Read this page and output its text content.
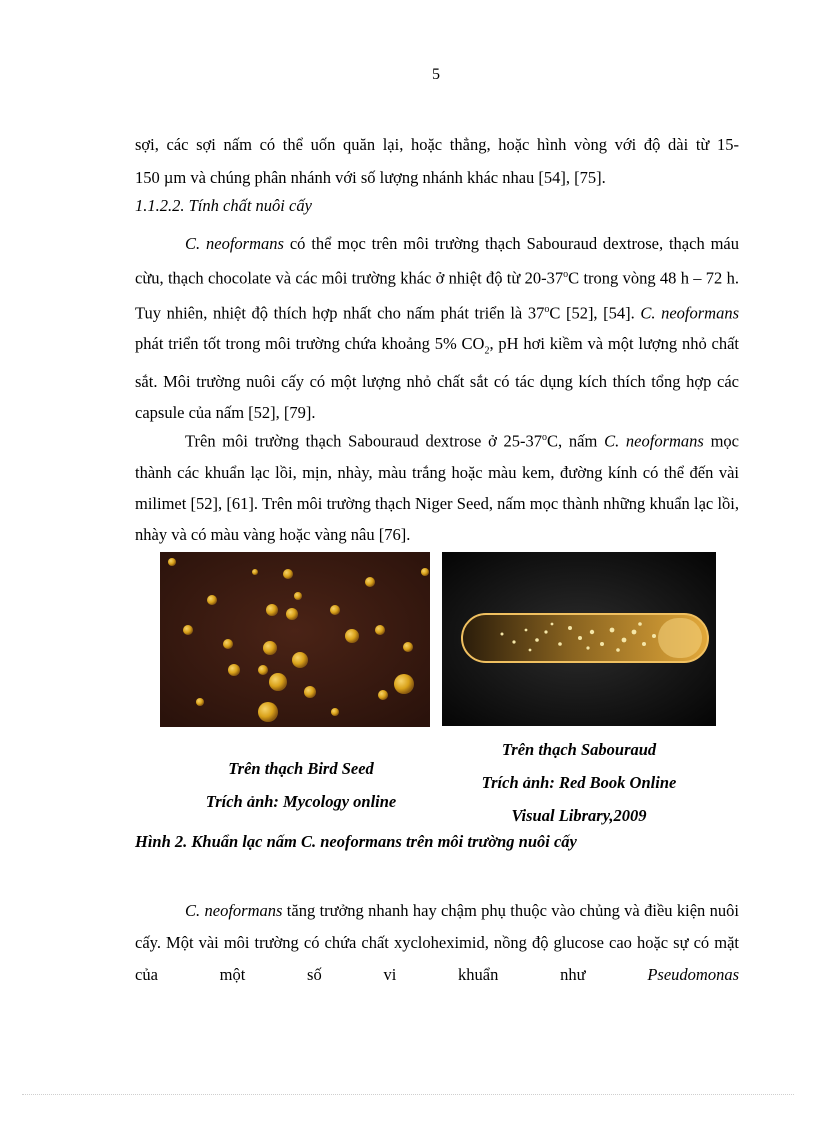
5

sợi, các sợi nấm có thể uốn quăn lại, hoặc thẳng, hoặc hình vòng với độ dài từ 15-
150 µm và chúng phân nhánh với số lượng nhánh khác nhau [54], [75].

1.1.2.2. Tính chất nuôi cấy

C. neoformans có thể mọc trên môi trường thạch Sabouraud dextrose, thạch máu cừu, thạch chocolate và các môi trường khác ở nhiệt độ từ 20-37$^o$C trong vòng 48 h – 72 h. Tuy nhiên, nhiệt độ thích hợp nhất cho nấm phát triển là 37$^o$C [52], [54]. C. neoformans phát triển tốt trong môi trường chứa khoảng 5% $CO_2$, pH hơi kiềm và một lượng nhỏ chất sắt. Môi trường nuôi cấy có một lượng nhỏ chất sắt có tác dụng kích thích tổng hợp các capsule của nấm [52], [79].

Trên môi trường thạch Sabouraud dextrose ở 25-37$^o$C, nấm C. neoformans mọc thành các khuẩn lạc lồi, mịn, nhày, màu trắng hoặc màu kem, đường kính có thể đến vài milimet [52], [61]. Trên môi trường thạch Niger Seed, nấm mọc thành những khuẩn lạc lồi, nhày và có màu vàng hoặc vàng nâu [76].

Trên thạch Bird Seed
Trích ảnh: Mycology online
Trên thạch Sabouraud
Trích ảnh: Red Book Online
Visual Library,2009
Hình 2. Khuẩn lạc nấm C. neoformans trên môi trường nuôi cấy

C. neoformans tăng trưởng nhanh hay chậm phụ thuộc vào chủng và điều kiện nuôi cấy. Một vài môi trường có chứa chất xycloheximid, nồng độ glucose cao hoặc sự có mặt của một số vi khuẩn như Pseudomonas
